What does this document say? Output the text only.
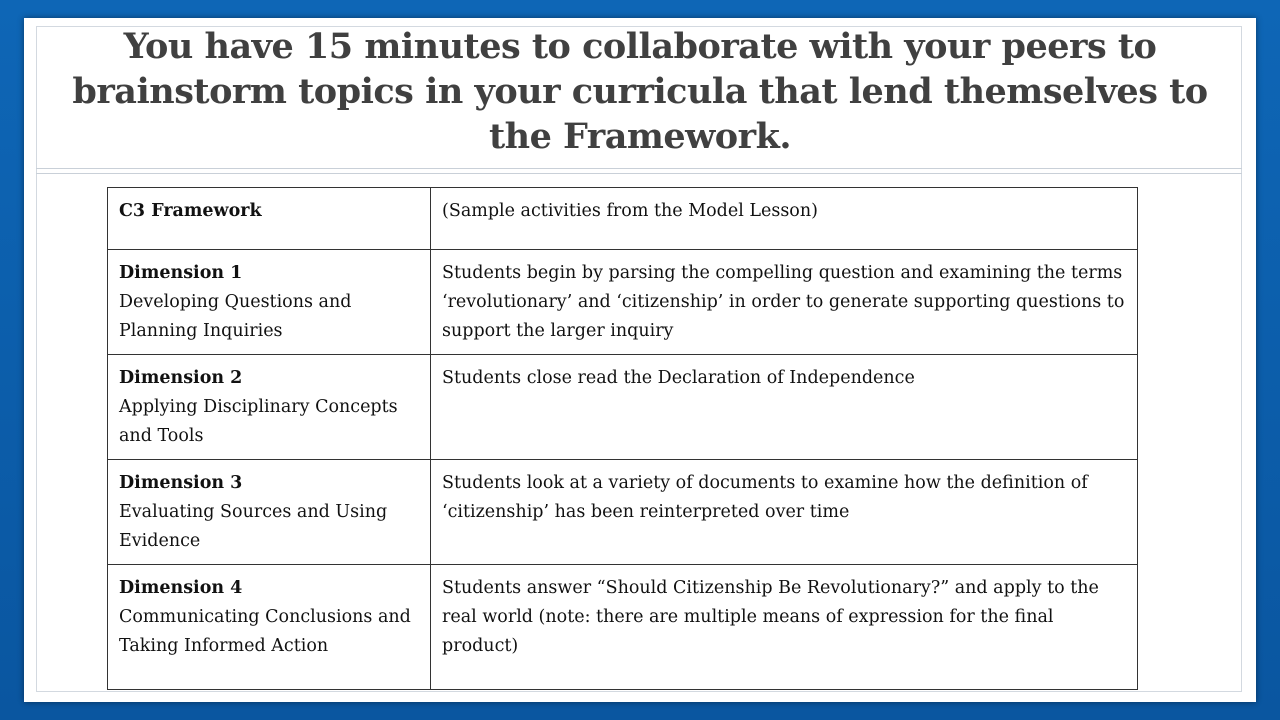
You have 15 minutes to collaborate with your peers to brainstorm topics in your curricula that lend themselves to the Framework.
C3 Framework	(Sample activities from the Model Lesson)

Dimension 1
Developing Questions and Planning Inquiries	Students begin by parsing the compelling question and examining the terms ‘revolutionary’ and ‘citizenship’ in order to generate supporting questions to support the larger inquiry

Dimension 2
Applying Disciplinary Concepts and Tools	Students close read the Declaration of Independence

Dimension 3
Evaluating Sources and Using Evidence	Students look at a variety of documents to examine how the definition of ‘citizenship’ has been reinterpreted over time

Dimension 4
Communicating Conclusions and Taking Informed Action	Students answer “Should Citizenship Be Revolutionary?” and apply to the real world (note: there are multiple means of expression for the final product)
